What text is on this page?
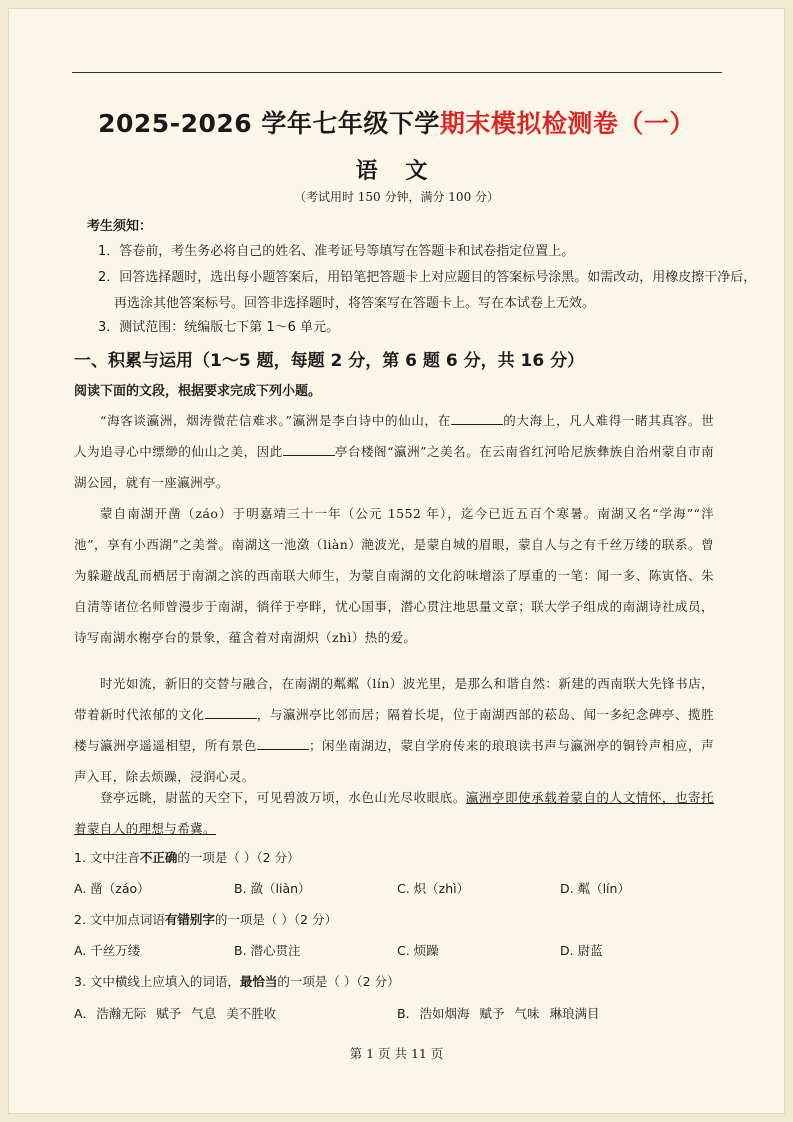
2025-2026 学年七年级下学期末模拟检测卷（一）
语 文
（考试用时 150 分钟，满分 100 分）
考生须知：
1．答卷前，考生务必将自己的姓名、准考证号等填写在答题卡和试卷指定位置上。
2．回答选择题时，选出每小题答案后，用铅笔把答题卡上对应题目的答案标号涂黑。如需改动，用橡皮擦干净后，再选涂其他答案标号。回答非选择题时，将答案写在答题卡上。写在本试卷上无效。
3．测试范围：统编版七下第 1～6 单元。
一、积累与运用（1～5 题，每题 2 分，第 6 题 6 分，共 16 分）
阅读下面的文段，根据要求完成下列小题。
“海客谈瀛洲，烟涛微茫信难求。”瀛洲是李白诗中的仙山，在	的大海上，凡人难得一睹其真容。世人为追寻心中缥缈的仙山之美，因此	亭台楼阁“瀛洲”之美名。在云南省红河哈尼族彝族自治州蒙自市南湖公园，就有一座瀛洲亭。
蒙自南湖开凿（záo）于明嘉靖三十一年（公元 1552 年），迄今已近五百个寒暑。南湖又名“学海”“泮池”，享有小西湖”之美誉。南湖这一池潋（liàn）滟波光，是蒙自城的眉眼，蒙自人与之有千丝万缕的联系。曾为躲避战乱而栖居于南湖之滨的西南联大师生，为蒙自南湖的文化韵味增添了厚重的一笔：闻一多、陈寅恪、朱自清等诸位名师曾漫步于南湖，徜徉于亭畔，忧心国事，潜心贯注地思量文章；联大学子组成的南湖诗社成员，诗写南湖水榭亭台的景象，蕴含着对南湖炽（zhì）热的爱。
时光如流，新旧的交替与融合，在南湖的粼粼（lín）波光里，是那么和谐自然：新建的西南联大先锋书店，带着新时代浓郁的文化	，与瀛洲亭比邻而居；隔着长堤，位于南湖西部的菘岛、闻一多纪念碑亭、揽胜楼与瀛洲亭遥遥相望，所有景色	；闲坐南湖边，蒙自学府传来的琅琅读书声与瀛洲亭的铜铃声相应，声声入耳，除去烦躁，浸润心灵。
登亭远眺，尉蓝的天空下，可见碧波万顷，水色山光尽收眼底。瀛洲亭即使承载着蒙自的人文情怀，也寄托着蒙自人的理想与希冀。
1. 文中注音不正确的一项是（ ）（2 分）
A. 凿（záo）	B. 潋（liàn）	C. 炽（zhì）	D. 粼（lín）
2. 文中加点词语有错别字的一项是（ ）（2 分）
A. 千丝万缕	B. 潜心贯注	C. 烦躁	D. 尉蓝
3. 文中横线上应填入的词语，最恰当的一项是（ ）（2 分）
A. 浩瀚无际 赋予 气息 美不胜收	B. 浩如烟海 赋予 气味 琳琅满目
第 1 页 共 11 页
